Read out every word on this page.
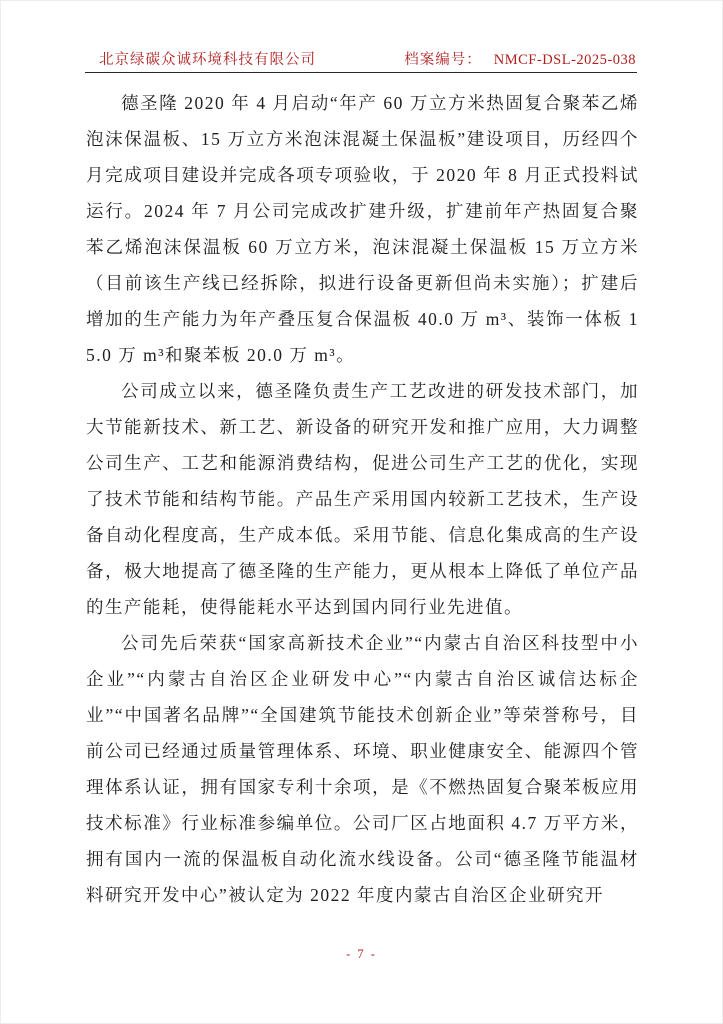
北京绿碳众诚环境科技有限公司	档案编号： NMCF-DSL-2025-038

德圣隆 2020 年 4 月启动“年产 60 万立方米热固复合聚苯乙烯泡沫保温板、15 万立方米泡沫混凝土保温板”建设项目，历经四个月完成项目建设并完成各项专项验收，于 2020 年 8 月正式投料试运行。2024 年 7 月公司完成改扩建升级，扩建前年产热固复合聚苯乙烯泡沫保温板 60 万立方米，泡沫混凝土保温板 15 万立方米（目前该生产线已经拆除，拟进行设备更新但尚未实施）；扩建后增加的生产能力为年产叠压复合保温板 40.0 万 m³、装饰一体板 15.0 万 m³和聚苯板 20.0 万 m³。

公司成立以来，德圣隆负责生产工艺改进的研发技术部门，加大节能新技术、新工艺、新设备的研究开发和推广应用，大力调整公司生产、工艺和能源消费结构，促进公司生产工艺的优化，实现了技术节能和结构节能。产品生产采用国内较新工艺技术，生产设备自动化程度高，生产成本低。采用节能、信息化集成高的生产设备，极大地提高了德圣隆的生产能力，更从根本上降低了单位产品的生产能耗，使得能耗水平达到国内同行业先进值。

公司先后荣获“国家高新技术企业”“内蒙古自治区科技型中小企业”“内蒙古自治区企业研发中心”“内蒙古自治区诚信达标企业”“中国著名品牌”“全国建筑节能技术创新企业”等荣誉称号，目前公司已经通过质量管理体系、环境、职业健康安全、能源四个管理体系认证，拥有国家专利十余项，是《不燃热固复合聚苯板应用技术标准》行业标准参编单位。公司厂区占地面积 4.7 万平方米，拥有国内一流的保温板自动化流水线设备。公司“德圣隆节能温材料研究开发中心”被认定为 2022 年度内蒙古自治区企业研究开

- 7 -
